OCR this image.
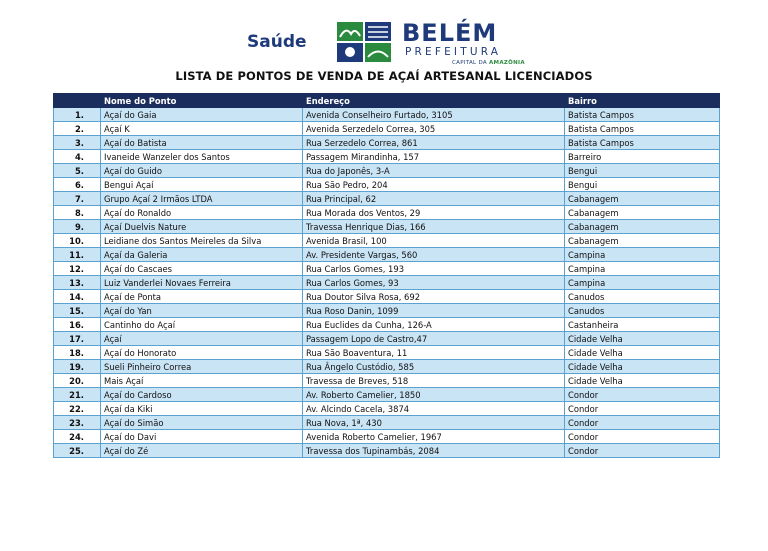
Saúde	BELÉM
PREFEITURA
CAPITAL DA AMAZÔNIA
LISTA DE PONTOS DE VENDA DE AÇAÍ ARTESANAL LICENCIADOS
	Nome do Ponto	Endereço	Bairro
1.	Açaí do Gaia	Avenida Conselheiro Furtado, 3105	Batista Campos
2.	Açaí K	Avenida Serzedelo Correa, 305	Batista Campos
3.	Açaí do Batista	Rua Serzedelo Correa, 861	Batista Campos
4.	Ivaneide Wanzeler dos Santos	Passagem Mirandinha, 157	Barreiro
5.	Açaí do Guido	Rua do Japonês, 3-A	Bengui
6.	Bengui Açaí	Rua São Pedro, 204	Bengui
7.	Grupo Açaí 2 Irmãos LTDA	Rua Principal, 62	Cabanagem
8.	Açaí do Ronaldo	Rua Morada dos Ventos, 29	Cabanagem
9.	Açaí Duelvis Nature	Travessa Henrique Dias, 166	Cabanagem
10.	Leidiane dos Santos Meireles da Silva	Avenida Brasil, 100	Cabanagem
11.	Açaí da Galeria	Av. Presidente Vargas, 560	Campina
12.	Açaí do Cascaes	Rua Carlos Gomes, 193	Campina
13.	Luiz Vanderlei Novaes Ferreira	Rua Carlos Gomes, 93	Campina
14.	Açaí de Ponta	Rua Doutor Silva Rosa, 692	Canudos
15.	Açaí do Yan	Rua Roso Danin, 1099	Canudos
16.	Cantinho do Açaí	Rua Euclides da Cunha, 126-A	Castanheira
17.	Açaí	Passagem Lopo de Castro,47	Cidade Velha
18.	Açaí do Honorato	Rua São Boaventura, 11	Cidade Velha
19.	Sueli Pinheiro Correa	Rua Ângelo Custódio, 585	Cidade Velha
20.	Mais Açaí	Travessa de Breves, 518	Cidade Velha
21.	Açaí do Cardoso	Av. Roberto Camelier, 1850	Condor
22.	Açaí da Kiki	Av. Alcindo Cacela, 3874	Condor
23.	Açaí do Simão	Rua Nova, 1ª, 430	Condor
24.	Açaí do Davi	Avenida Roberto Camelier, 1967	Condor
25.	Açaí do Zé	Travessa dos Tupinambás, 2084	Condor
